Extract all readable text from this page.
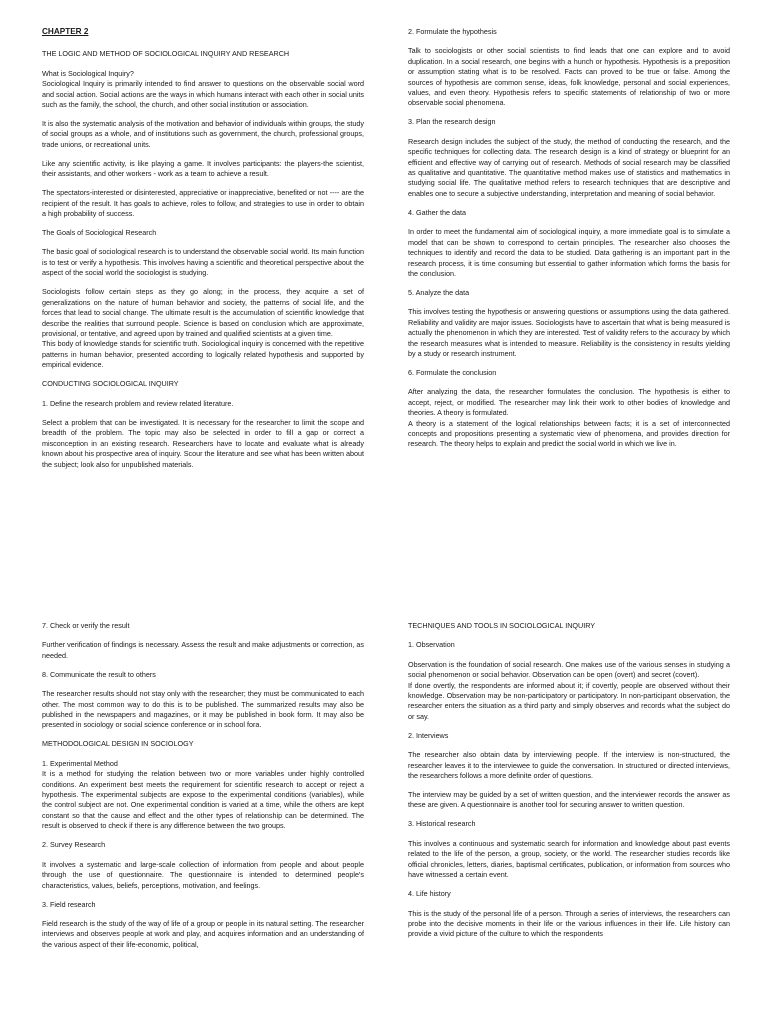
CHAPTER 2

THE LOGIC AND METHOD OF SOCIOLOGICAL INQUIRY AND RESEARCH

What is Sociological Inquiry?

Sociological Inquiry is primarily intended to find answer to questions on the observable social word and social action. Social actions are the ways in which humans interact with each other in social units such as the family, the school, the church, and other social institution or association.

It is also the systematic analysis of the motivation and behavior of individuals within groups, the study of social groups as a whole, and of institutions such as government, the church, professional groups, trade unions, or recreational units.

Like any scientific activity, is like playing a game. It involves participants: the players-the scientist, their assistants, and other workers - work as a team to achieve a result.

The spectators-interested or disinterested, appreciative or inappreciative, benefited or not ---- are the recipient of the result. It has goals to achieve, roles to follow, and strategies to use in order to obtain a high probability of success.

The Goals of Sociological Research

The basic goal of sociological research is to understand the observable social world. Its main function is to test or verify a hypothesis. This involves having a scientific and theoretical perspective about the aspect of the social world the sociologist is studying.

Sociologists follow certain steps as they go along; in the process, they acquire a set of generalizations on the nature of human behavior and society, the patterns of social life, and the forces that lead to social change. The ultimate result is the accumulation of scientific knowledge that describe the realities that surround people. Science is based on conclusion which are approximate, provisional, or tentative, and agreed upon by trained and qualified scientists at a given time.

This body of knowledge stands for scientific truth. Sociological inquiry is concerned with the repetitive patterns in human behavior, presented according to logically related hypothesis and supported by empirical evidence.

CONDUCTING SOCIOLOGICAL INQUIRY

1. Define the research problem and review related literature.

Select a problem that can be investigated. It is necessary for the researcher to limit the scope and breadth of the problem. The topic may also be selected in order to fill a gap or correct a misconception in an existing research. Researchers have to locate and evaluate what is already known about his prospective area of inquiry. Scour the literature and see what has been written about the subject; look also for unpublished materials.

2. Formulate the hypothesis

Talk to sociologists or other social scientists to find leads that one can explore and to avoid duplication. In a social research, one begins with a hunch or hypothesis. Hypothesis is a preposition or assumption stating what is to be resolved. Facts can proved to be true or false. Among the sources of hypothesis are common sense, ideas, folk knowledge, personal and social experiences, values, and even theory. Hypothesis refers to specific statements of relationship of two or more observable social phenomena.

3. Plan the research design

Research design includes the subject of the study, the method of conducting the research, and the specific techniques for collecting data. The research design is a kind of strategy or blueprint for an efficient and effective way of carrying out of research. Methods of social research may be classified as qualitative and quantitative. The quantitative method makes use of statistics and mathematics in studying social life. The qualitative method refers to research techniques that are descriptive and enables one to secure a subjective understanding, interpretation and meaning of social behavior.

4. Gather the data

In order to meet the fundamental aim of sociological inquiry, a more immediate goal is to simulate a model that can be shown to correspond to certain principles. The researcher also chooses the techniques to identify and record the data to be studied. Data gathering is an important part in the research process, it is time consuming but essential to gather information which forms the basis for the conclusion.

5. Analyze the data

This involves testing the hypothesis or answering questions or assumptions using the data gathered. Reliability and validity are major issues. Sociologists have to ascertain that what is being measured is actually the phenomenon in which they are interested. Test of validity refers to the accuracy by which the research measures what is intended to measure. Reliability is the consistency in results yielding by a study or research instrument.

6. Formulate the conclusion

After analyzing the data, the researcher formulates the conclusion. The hypothesis is either to accept, reject, or modified. The researcher may link their work to other bodies of knowledge and theories. A theory is formulated.

A theory is a statement of the logical relationships between facts; it is a set of interconnected concepts and propositions presenting a systematic view of phenomena, and provides direction for research. The theory helps to explain and predict the social world in which we live in.

7. Check or verify the result

Further verification of findings is necessary. Assess the result and make adjustments or correction, as needed.

8. Communicate the result to others

The researcher results should not stay only with the researcher; they must be communicated to each other. The most common way to do this is to be published. The summarized results may also be published in the newspapers and magazines, or it may be published in book form. It may also be presented in sociology or social science conference or in school fora.

METHODOLOGICAL DESIGN IN SOCIOLOGY

1. Experimental Method

It is a method for studying the relation between two or more variables under highly controlled conditions. An experiment best meets the requirement for scientific research to accept or reject a hypothesis. The experimental subjects are expose to the experimental conditions (variables), while the control subject are not. One experimental condition is varied at a time, while the others are kept constant so that the cause and effect and the other types of relationship can be determined. The result is observed to check if there is any difference between the two groups.

2. Survey Research

It involves a systematic and large-scale collection of information from people and about people through the use of questionnaire. The questionnaire is intended to determined people's characteristics, values, beliefs, perceptions, motivation, and feelings.

3. Field research

Field research is the study of the way of life of a group or people in its natural setting. The researcher interviews and observes people at work and play, and acquires information and an understanding of the various aspect of their life-economic, political,

TECHNIQUES AND TOOLS IN SOCIOLOGICAL INQUIRY

1. Observation

Observation is the foundation of social research. One makes use of the various senses in studying a social phenomenon or social behavior. Observation can be open (overt) and secret (covert).

If done overtly, the respondents are informed about it; if covertly, people are observed without their knowledge. Observation may be non-participatory or participatory. In non-participant observation, the researcher enters the situation as a third party and simply observes and records what the subject do or say.

2. Interviews

The researcher also obtain data by interviewing people. If the interview is non-structured, the researcher leaves it to the interviewee to guide the conversation. In structured or directed interviews, the researchers follows a more definite order of questions.

The interview may be guided by a set of written question, and the interviewer records the answer as these are given. A questionnaire is another tool for securing answer to written question.

3. Historical research

This involves a continuous and systematic search for information and knowledge about past events related to the life of the person, a group, society, or the world. The researcher studies records like official chronicles, letters, diaries, baptismal certificates, publication, or information from sources who have witnessed a certain event.

4. Life history

This is the study of the personal life of a person. Through a series of interviews, the researchers can probe into the decisive moments in their life or the various influences in their life. Life history can provide a vivid picture of the culture to which the respondents
